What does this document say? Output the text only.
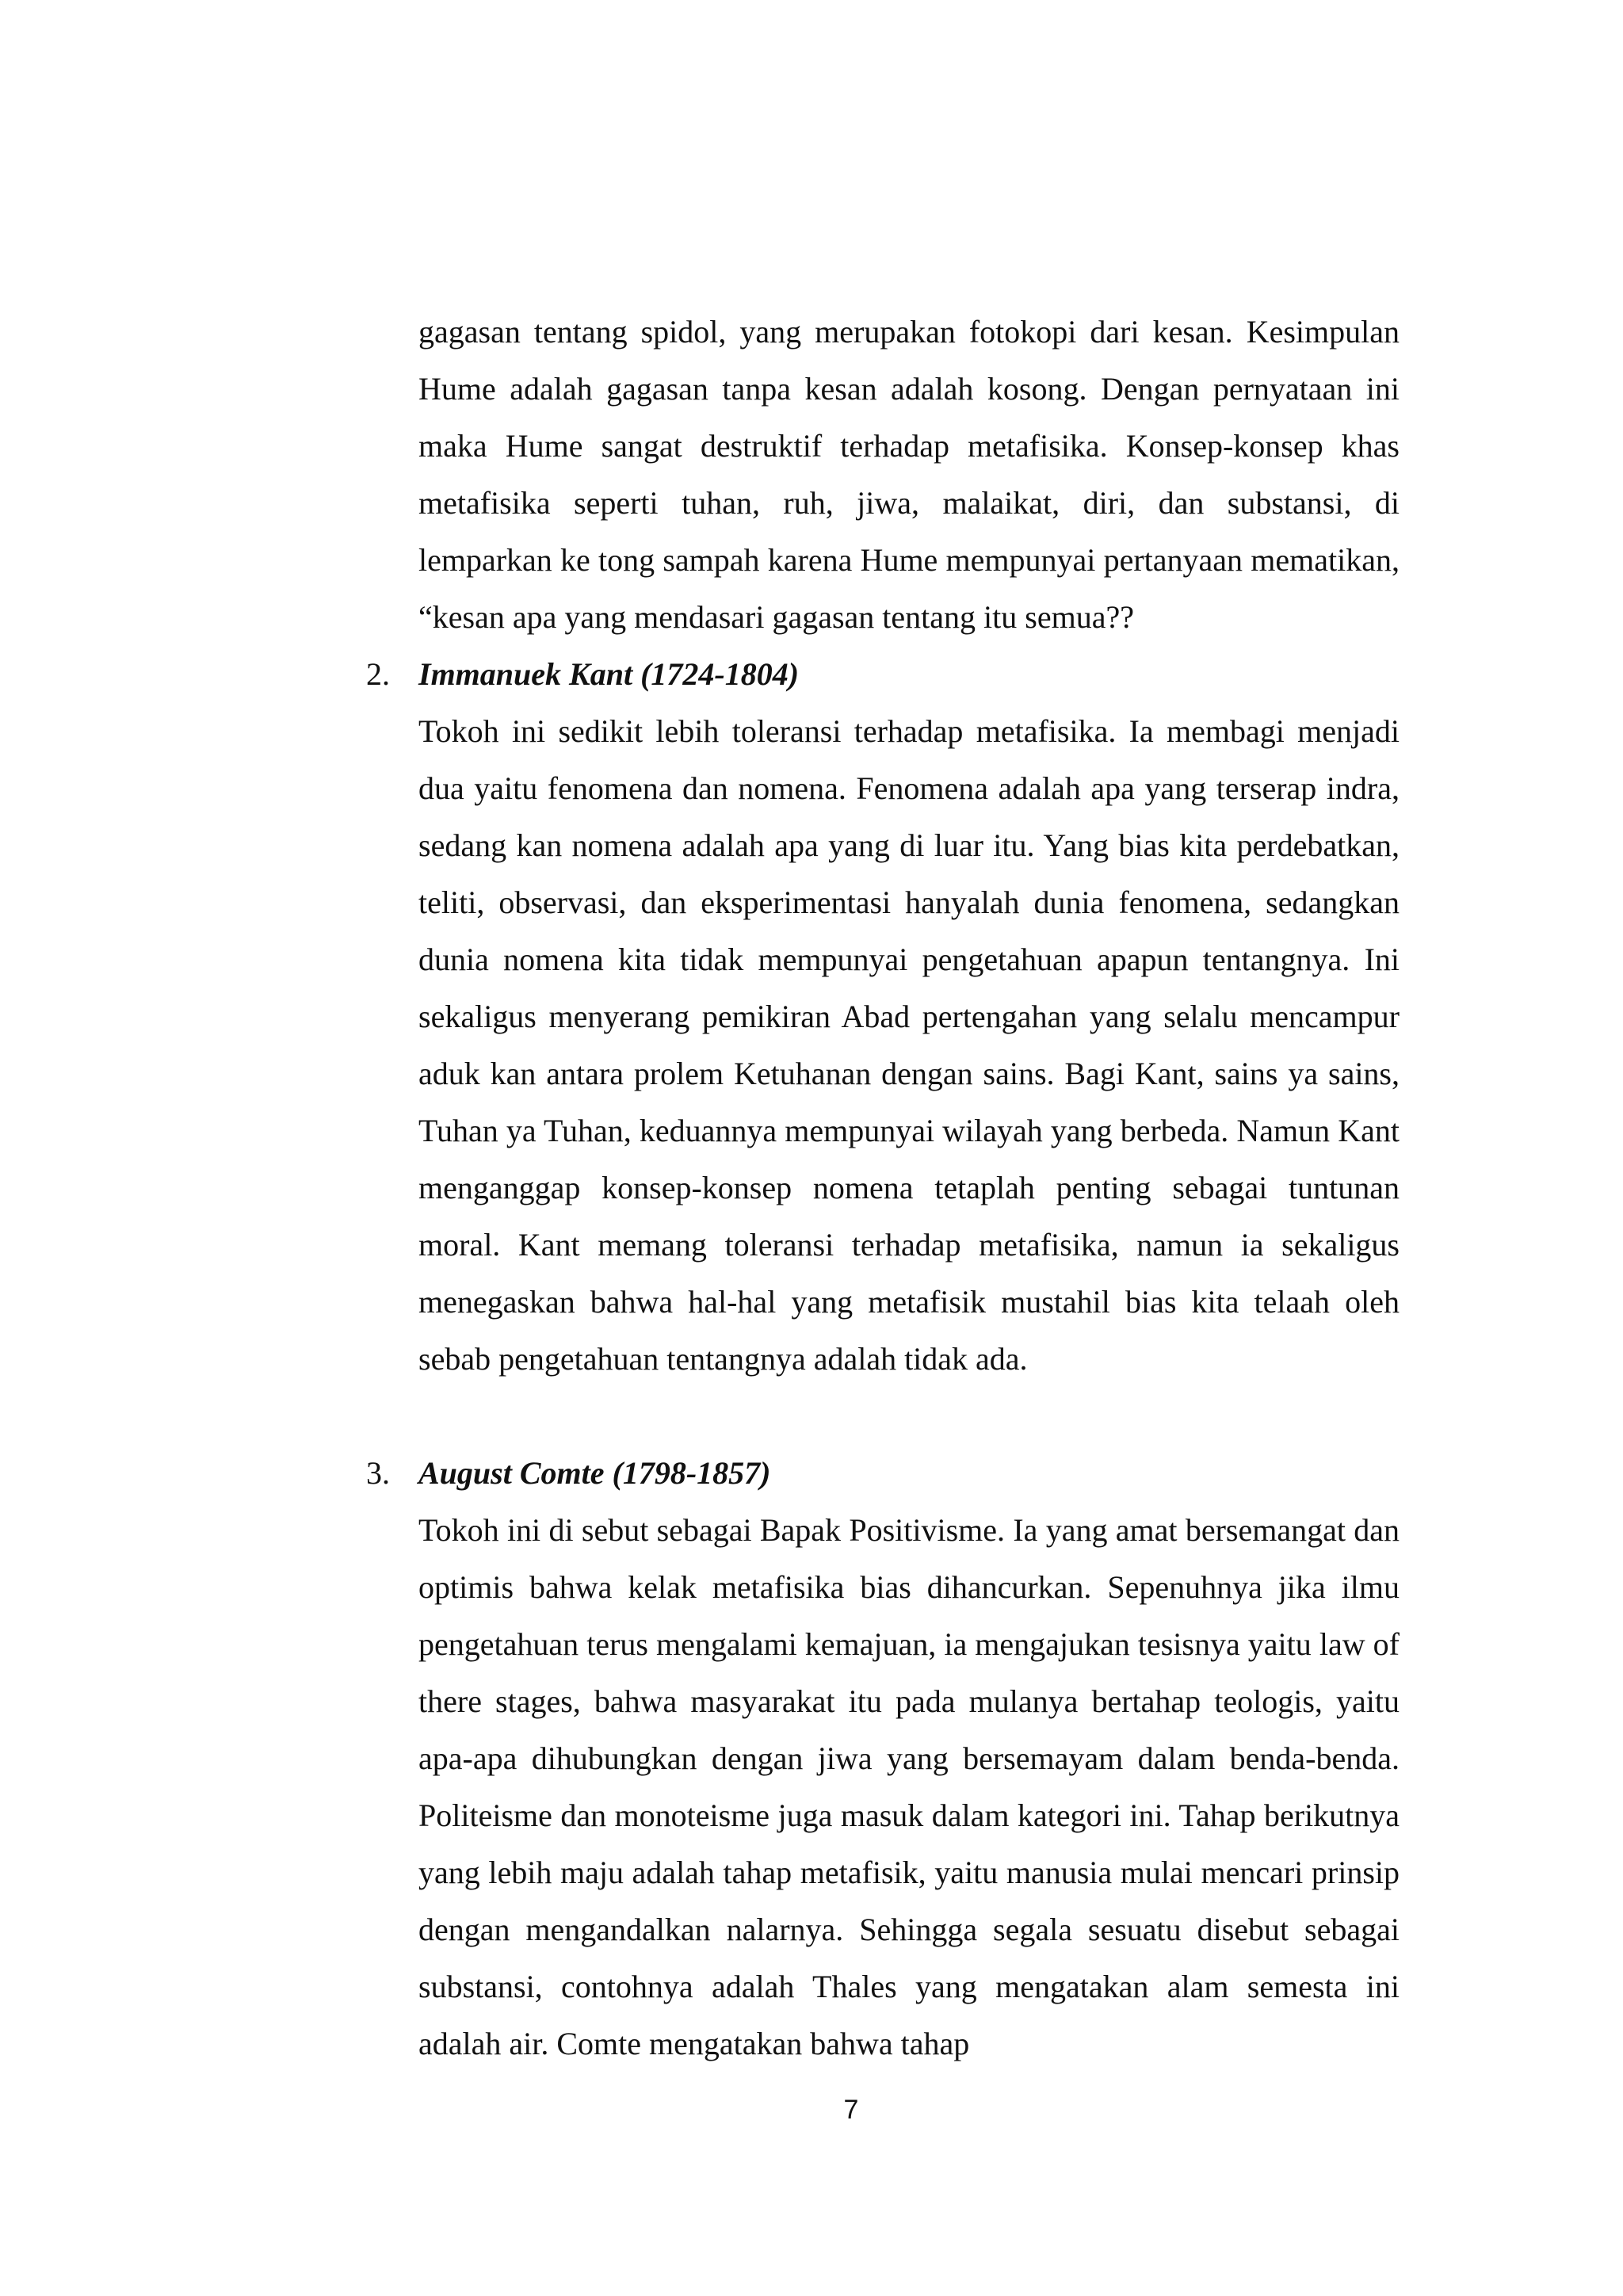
gagasan tentang spidol, yang merupakan fotokopi dari kesan. Kesimpulan Hume adalah gagasan tanpa kesan adalah kosong. Dengan pernyataan ini maka Hume sangat destruktif terhadap metafisika. Konsep-konsep khas metafisika seperti tuhan, ruh, jiwa, malaikat, diri, dan substansi, di lemparkan ke tong sampah karena Hume mempunyai pertanyaan mematikan, “kesan apa yang mendasari gagasan tentang itu semua??

2. Immanuek Kant (1724-1804)

Tokoh ini sedikit lebih toleransi terhadap metafisika. Ia membagi menjadi dua yaitu fenomena dan nomena. Fenomena adalah apa yang terserap indra, sedang kan nomena adalah apa yang di luar itu. Yang bias kita perdebatkan, teliti, observasi, dan eksperimentasi hanyalah dunia fenomena, sedangkan dunia nomena kita tidak mempunyai pengetahuan apapun tentangnya. Ini sekaligus menyerang pemikiran Abad pertengahan yang selalu mencampur aduk kan antara prolem Ketuhanan dengan sains. Bagi Kant, sains ya sains, Tuhan ya Tuhan, keduannya mempunyai wilayah yang berbeda. Namun Kant menganggap konsep-konsep nomena tetaplah penting sebagai tuntunan moral. Kant memang toleransi terhadap metafisika, namun ia sekaligus menegaskan bahwa hal-hal yang metafisik mustahil bias kita telaah oleh sebab pengetahuan tentangnya adalah tidak ada.

3. August Comte (1798-1857)

Tokoh ini di sebut sebagai Bapak Positivisme. Ia yang amat bersemangat dan optimis bahwa kelak metafisika bias dihancurkan. Sepenuhnya jika ilmu pengetahuan terus mengalami kemajuan, ia mengajukan tesisnya yaitu law of there stages, bahwa masyarakat itu pada mulanya bertahap teologis, yaitu apa-apa dihubungkan dengan jiwa yang bersemayam dalam benda-benda. Politeisme dan monoteisme juga masuk dalam kategori ini. Tahap berikutnya yang lebih maju adalah tahap metafisik, yaitu manusia mulai mencari prinsip dengan mengandalkan nalarnya. Sehingga segala sesuatu disebut sebagai substansi, contohnya adalah Thales yang mengatakan alam semesta ini adalah air. Comte mengatakan bahwa tahap

7
